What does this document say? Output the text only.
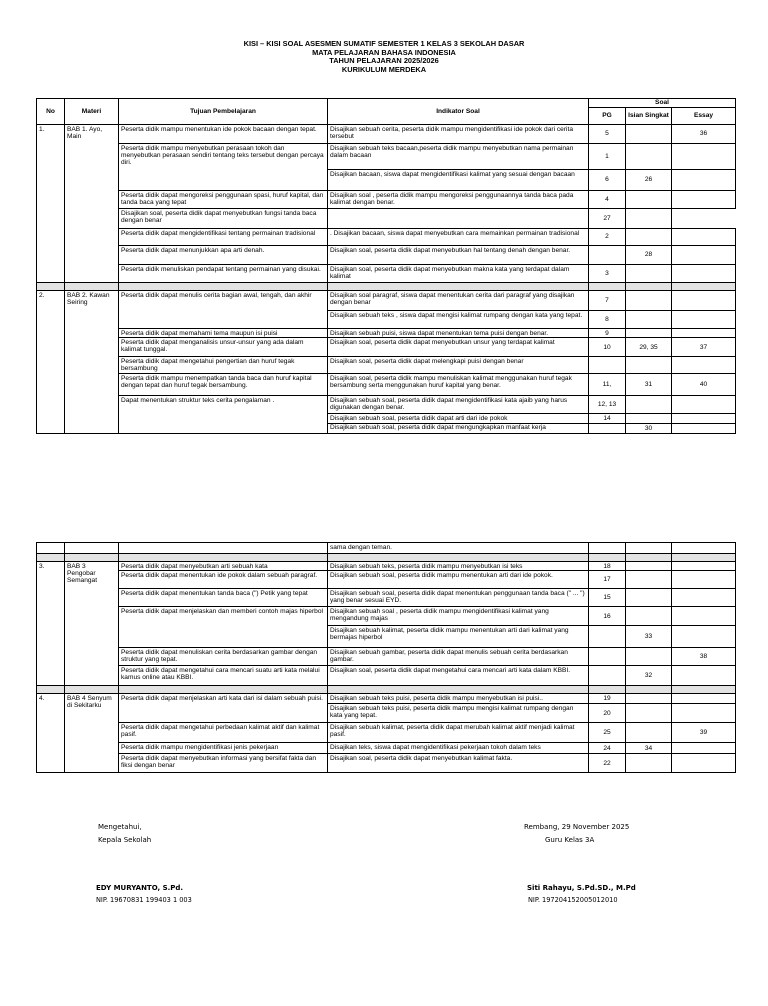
KISI – KISI SOAL ASESMEN SUMATIF SEMESTER 1 KELAS 3 SEKOLAH DASAR
MATA PELAJARAN BAHASA INDONESIA
TAHUN PELAJARAN 2025/2026
KURIKULUM MERDEKA
No	Materi	Tujuan Pembelajaran	Indikator Soal	Soal		
				PG	Isian Singkat	Essay
1.	BAB 1. Ayo, Main	Peserta didik mampu menentukan ide pokok bacaan dengan tepat.	Disajikan sebuah cerita, peserta didik mampu mengidentifikasi ide pokok dari cerita tersebut	5		36
		Peserta didik mampu menyebutkan perasaan tokoh dan menyebutkan perasaan sendiri tentang teks tersebut dengan percaya diri.	Disajikan sebuah teks bacaan,peserta didik mampu menyebutkan nama permainan dalam bacaan	1		
			Disajikan bacaan, siswa dapat mengidentifikasi kalimat yang sesuai dengan bacaan	6	26	
		Peserta didik dapat mengoreksi penggunaan spasi, huruf kapital, dan tanda baca yang tepat	Disajikan soal , peserta didik mampu mengoreksi penggunaannya tanda baca pada kalimat dengan benar.	4		
		Disajikan soal, peserta didik dapat menyebutkan fungsi tanda baca dengan benar		27		
		Peserta didik dapat mengidentifikasi tentang permainan tradisional	. Disajikan bacaan, siswa dapat menyebutkan cara memainkan permainan tradisional	2		
		Peserta didik dapat menunjukkan apa arti denah.	Disajikan soal, peserta didik dapat menyebutkan hal tentang denah dengan benar.		28	
		Peserta didik menuliskan pendapat tentang permainan yang disukai.	Disajikan soal, peserta didik dapat menyebutkan makna kata yang terdapat dalam kalimat	3		

2.	BAB 2. Kawan Seiring	Peserta didik dapat menulis cerita bagian awal, tengah, dan akhir	Disajikan soal paragraf, siswa dapat menentukan cerita dari paragraf yang disajikan dengan benar	7		
			Disajikan sebuah teks , siswa dapat mengisi kalimat rumpang dengan kata yang tepat.	8		
		Peserta didik dapat memahami tema maupun isi puisi	Disajikan sebuah puisi, siswa dapat menentukan tema puisi dengan benar.	9		
		Peserta didik dapat menganalisis unsur-unsur yang ada dalam kalimat tunggal.	Disajikan soal, peserta didik dapat menyebutkan unsur yang terdapat kalimat	10	29, 35	37
		Peserta didik dapat mengetahui pengertian dan huruf tegak bersambung	Disajikan soal, peserta didik dapat melengkapi puisi dengan benar			
		Peserta didik mampu menempatkan tanda baca dan huruf kapital dengan tepat dan huruf tegak bersambung.	Disajikan soal, peserta didik mampu menuliskan kalimat menggunakan huruf tegak bersambung serta menggunakan huruf kapital yang benar.	11,	31	40
		Dapat menentukan struktur teks cerita pengalaman .	Disajikan sebuah soal, peserta didik dapat mengidentifikasi kata ajaib yang harus digunakan dengan benar.	12, 13		
			Disajikan sebuah soal, peserta didik dapat arti dari ide pokok	14		
			Disajikan sebuah soal, peserta didik dapat mengungkapkan manfaat kerja		30	
			sama dengan teman.			

3.	BAB 3 Pengobar Semangat	Peserta didik dapat menyebutkan arti sebuah kata	Disajikan sebuah teks, peserta didik mampu menyebutkan isi teks	18		
		Peserta didik dapat menentukan ide pokok dalam sebuah paragraf.	Disajikan sebuah soal, peserta didik mampu menentukan arti dari ide pokok.	17		
		Peserta didik dapat menentukan tanda baca (") Petik yang tepat	Disajikan sebuah soal, peserta didik dapat menentukan penggunaan tanda baca (" ... ") yang benar sesuai EYD.	15		
		Peserta didik dapat menjelaskan dan memberi contoh majas hiperbol	Disajikan sebuah soal , peserta didik mampu mengidentifikasi kalimat yang mengandung majas	16		
			Disajikan sebuah kalimat, peserta didik mampu menentukan arti dari kalimat yang bermajas hiperbol		33	
		Peserta didik dapat menuliskan cerita berdasarkan gambar dengan struktur yang tepat.	Disajikan sebuah gambar, peserta didik dapat menulis sebuah cerita berdasarkan gambar.			38
		Peserta didik dapat mengetahui cara mencari suatu arti kata melalui kamus online atau KBBI.	Disajikan soal, peserta didik dapat mengetahui cara mencari arti kata dalam KBBI.		32	

4.	BAB 4 Senyum di Sekitarku	Peserta didik dapat menjelaskan arti kata dari isi dalam sebuah puisi.	Disajikan sebuah teks puisi, peserta didik mampu menyebutkan isi puisi..	19		
			Disajikan sebuah teks puisi, peserta didik mampu mengisi kalimat rumpang dengan kata yang tepat.	20		
		Peserta didik dapat mengetahui perbedaan kalimat aktif dan kalimat pasif.	Disajikan sebuah kalimat, peserta didik dapat merubah kalimat aktif menjadi kalimat pasif.	25		39
		Peserta didik mampu mengidentifikasi jenis pekerjaan	Disajikan teks, siswa dapat mengidentifikasi pekerjaan tokoh dalam teks	24	34	
		Peserta didik dapat menyebutkan informasi yang bersifat fakta dan fiksi dengan benar	Disajikan soal, peserta didik dapat menyebutkan kalimat fakta.	22		
Mengetahui,
Kepala Sekolah
EDY MURYANTO, S.Pd.
NIP. 19670831 199403 1 003
Rembang, 29 November 2025
Guru Kelas 3A
Siti Rahayu, S.Pd.SD., M.Pd
NIP. 197204152005012010
